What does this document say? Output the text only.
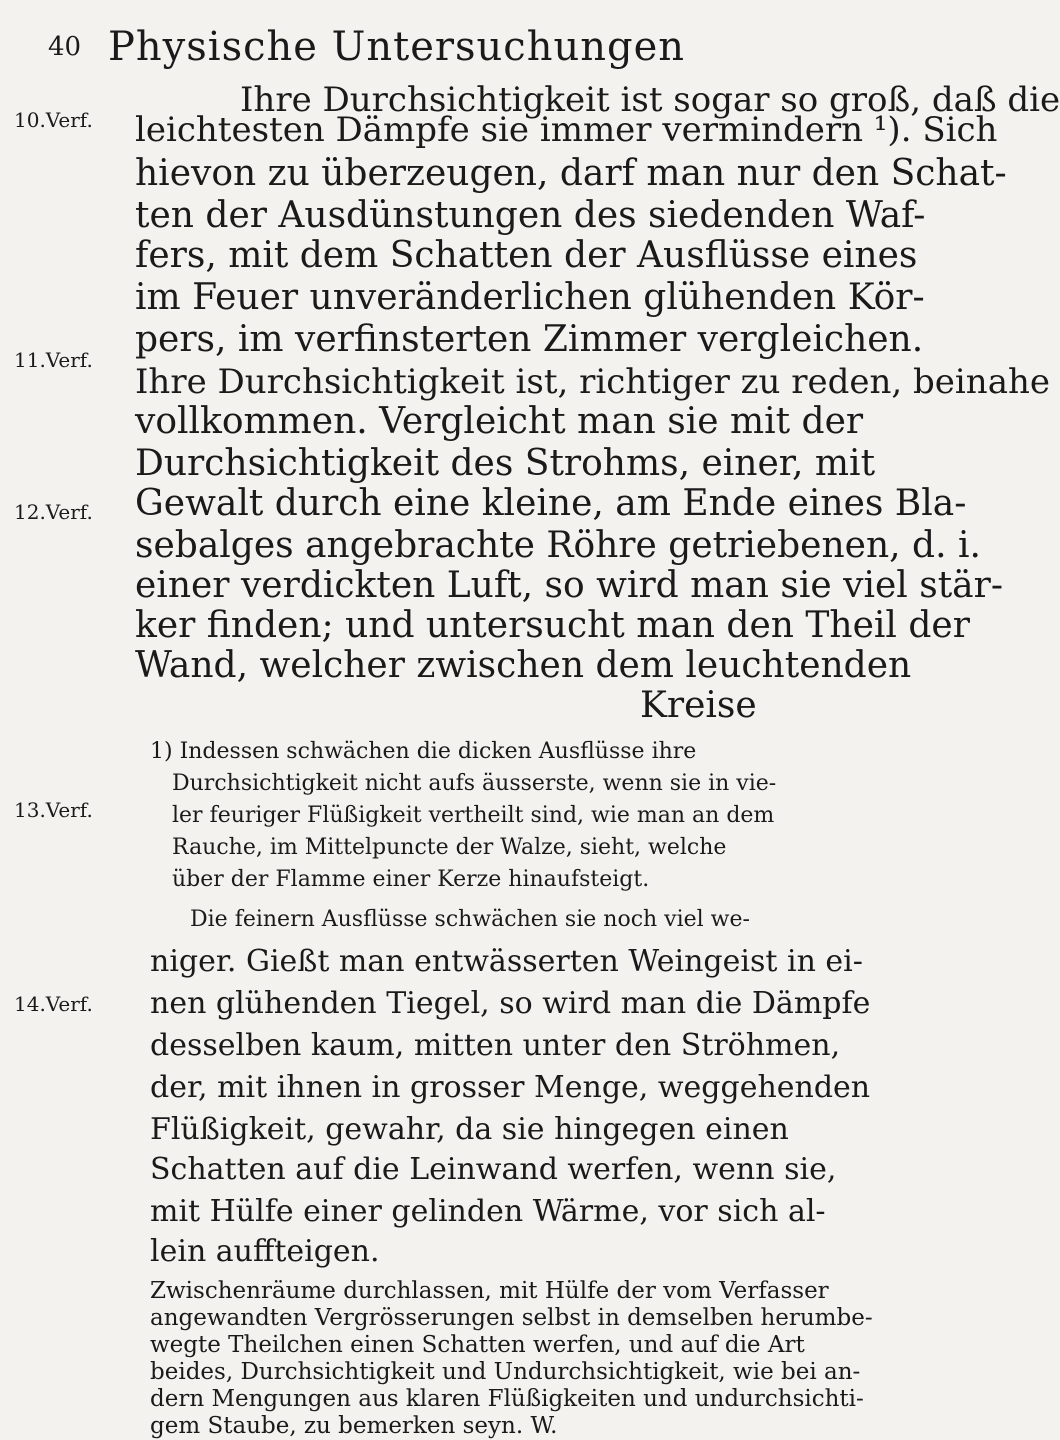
40 Physische Untersuchungen
10.Verf.
11.Verf.
12.Verf.
13.Verf.
14.Verf.
Ihre Durchsichtigkeit ist sogar so groß, daß die
leichtesten Dämpfe sie immer vermindern ¹). Sich
hievon zu überzeugen, darf man nur den Schat-
ten der Ausdünstungen des siedenden Waf-
fers, mit dem Schatten der Ausflüsse eines
im Feuer unveränderlichen glühenden Kör-
pers, im verfinsterten Zimmer vergleichen.
Ihre Durchsichtigkeit ist, richtiger zu reden, beinahe
vollkommen. Vergleicht man sie mit der
Durchsichtigkeit des Strohms, einer, mit
Gewalt durch eine kleine, am Ende eines Bla-
sebalges angebrachte Röhre getriebenen, d. i.
einer verdickten Luft, so wird man sie viel stär-
ker finden; und untersucht man den Theil der
Wand, welcher zwischen dem leuchtenden
Kreise
1) Indessen schwächen die dicken Ausflüsse ihre
Durchsichtigkeit nicht aufs äusserste, wenn sie in vie-
ler feuriger Flüßigkeit vertheilt sind, wie man an dem
Rauche, im Mittelpuncte der Walze, sieht, welche
über der Flamme einer Kerze hinaufsteigt.
Die feinern Ausflüsse schwächen sie noch viel we-
niger. Gießt man entwässerten Weingeist in ei-
nen glühenden Tiegel, so wird man die Dämpfe
desselben kaum, mitten unter den Ströhmen,
der, mit ihnen in grosser Menge, weggehenden
Flüßigkeit, gewahr, da sie hingegen einen
Schatten auf die Leinwand werfen, wenn sie,
mit Hülfe einer gelinden Wärme, vor sich al-
lein auffteigen.
Zwischenräume durchlassen, mit Hülfe der vom Verfasser
angewandten Vergrösserungen selbst in demselben herumbe-
wegte Theilchen einen Schatten werfen, und auf die Art
beides, Durchsichtigkeit und Undurchsichtigkeit, wie bei an-
dern Mengungen aus klaren Flüßigkeiten und undurchsichti-
gem Staube, zu bemerken seyn. W.
